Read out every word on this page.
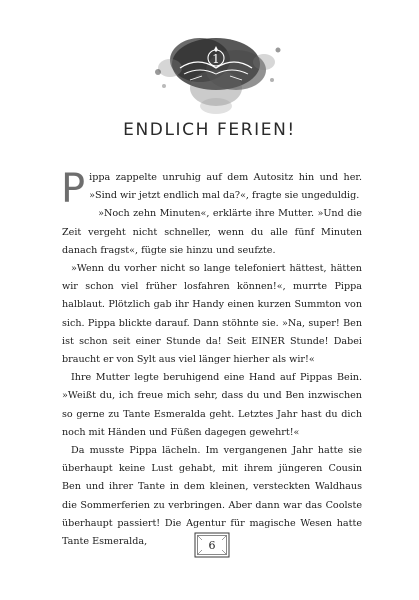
1
ENDLICH FERIEN!

Pippa zappelte unruhig auf dem Autositz hin und her. »Sind wir jetzt endlich mal da?«, fragte sie ungeduldig.

»Noch zehn Minuten«, erklärte ihre Mutter. »Und die Zeit vergeht nicht schneller, wenn du alle fünf Minuten danach fragst«, fügte sie hinzu und seufzte.

»Wenn du vorher nicht so lange telefoniert hättest, hätten wir schon viel früher losfahren können!«, murrte Pippa halblaut. Plötzlich gab ihr Handy einen kurzen Summton von sich. Pippa blickte darauf. Dann stöhnte sie. »Na, super! Ben ist schon seit einer Stunde da! Seit EINER Stunde! Dabei braucht er von Sylt aus viel länger hierher als wir!«

Ihre Mutter legte beruhigend eine Hand auf Pippas Bein. »Weißt du, ich freue mich sehr, dass du und Ben inzwischen so gerne zu Tante Esmeralda geht. Letztes Jahr hast du dich noch mit Händen und Füßen dagegen gewehrt!«

Da musste Pippa lächeln. Im vergangenen Jahr hatte sie überhaupt keine Lust gehabt, mit ihrem jüngeren Cousin Ben und ihrer Tante in dem kleinen, versteckten Waldhaus die Sommerferien zu verbringen. Aber dann war das Coolste überhaupt passiert! Die Agentur für magische Wesen hatte Tante Esmeralda,	6
